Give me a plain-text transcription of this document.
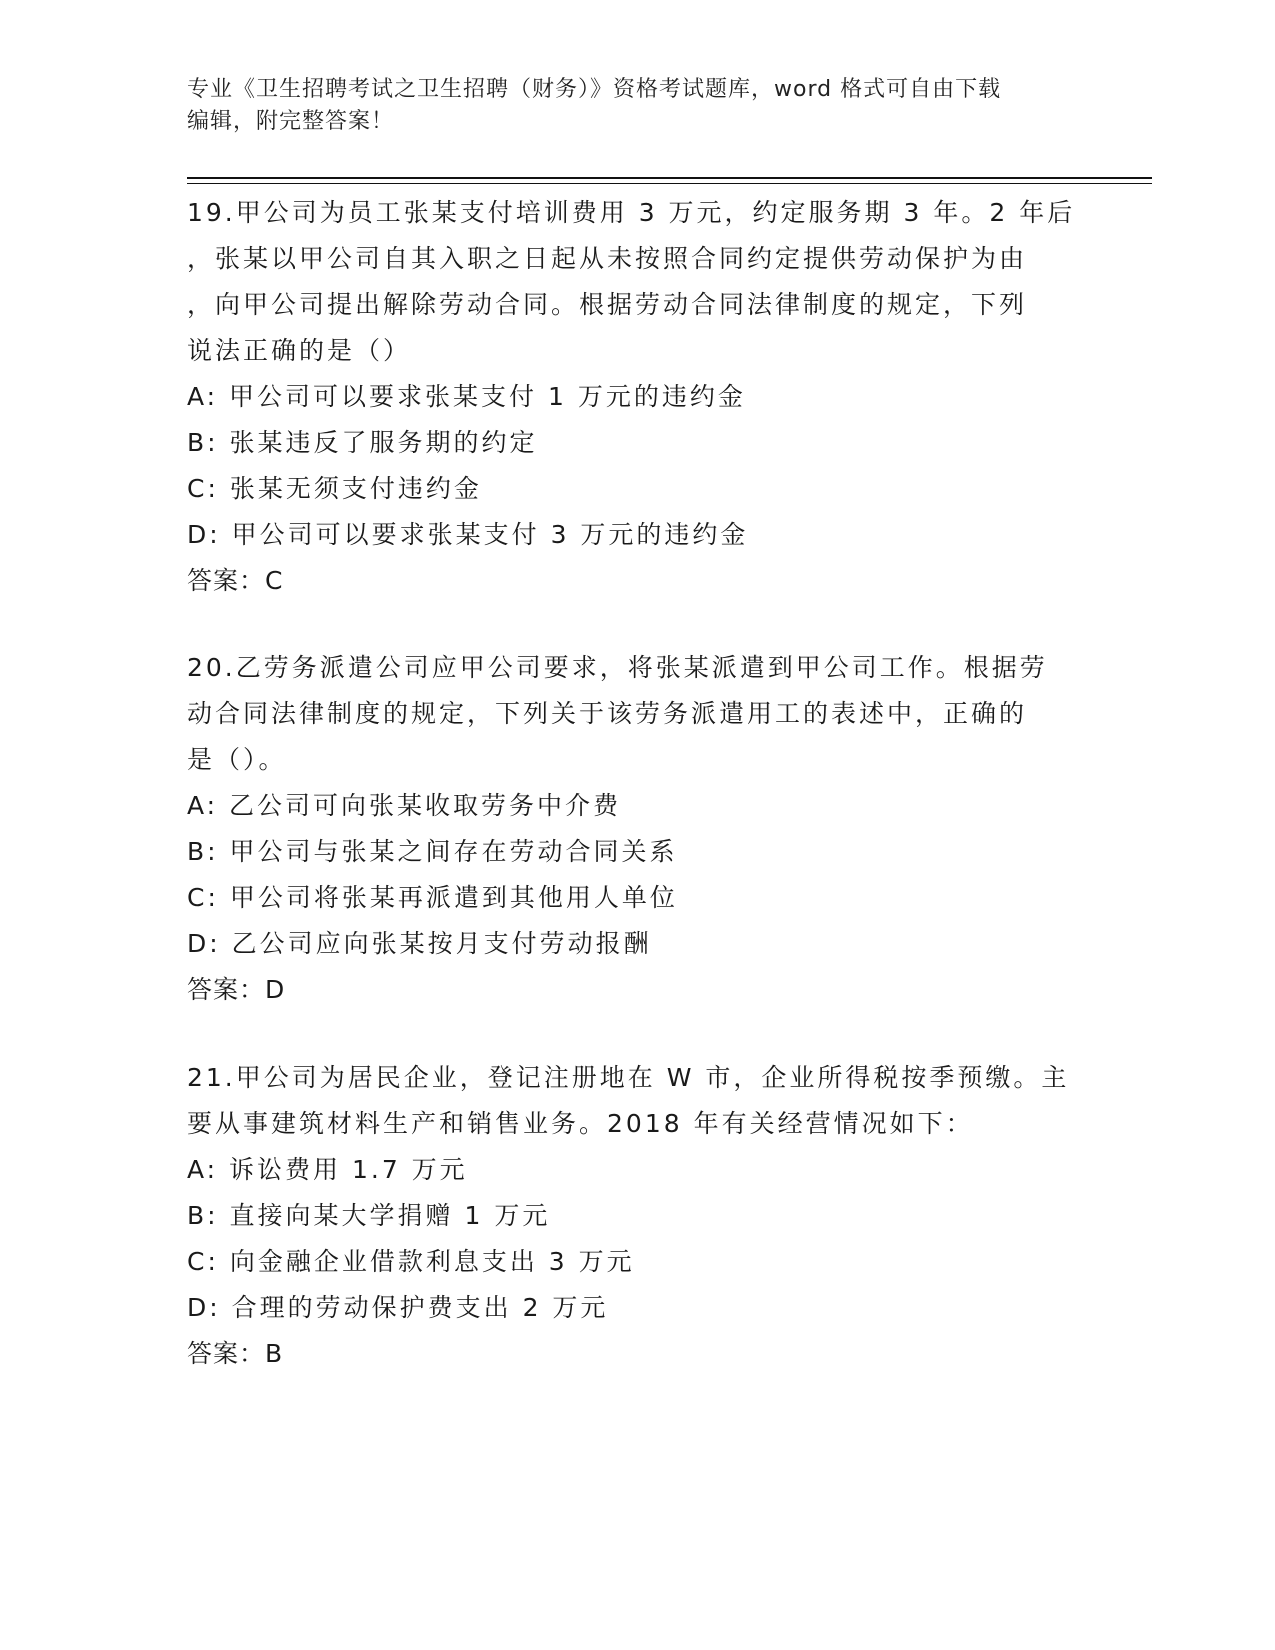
专业《卫生招聘考试之卫生招聘（财务）》资格考试题库，word 格式可自由下载
编辑，附完整答案！
19.甲公司为员工张某支付培训费用 3 万元，约定服务期 3 年。2 年后
，张某以甲公司自其入职之日起从未按照合同约定提供劳动保护为由
，向甲公司提出解除劳动合同。根据劳动合同法律制度的规定，下列
说法正确的是（）
A: 甲公司可以要求张某支付 1 万元的违约金
B: 张某违反了服务期的约定
C: 张某无须支付违约金
D: 甲公司可以要求张某支付 3 万元的违约金
答案：C
20.乙劳务派遣公司应甲公司要求，将张某派遣到甲公司工作。根据劳
动合同法律制度的规定，下列关于该劳务派遣用工的表述中，正确的
是（）。
A: 乙公司可向张某收取劳务中介费
B: 甲公司与张某之间存在劳动合同关系
C: 甲公司将张某再派遣到其他用人单位
D: 乙公司应向张某按月支付劳动报酬
答案：D
21.甲公司为居民企业，登记注册地在 W 市，企业所得税按季预缴。主
要从事建筑材料生产和销售业务。2018 年有关经营情况如下：
A: 诉讼费用 1.7 万元
B: 直接向某大学捐赠 1 万元
C: 向金融企业借款利息支出 3 万元
D: 合理的劳动保护费支出 2 万元
答案：B
